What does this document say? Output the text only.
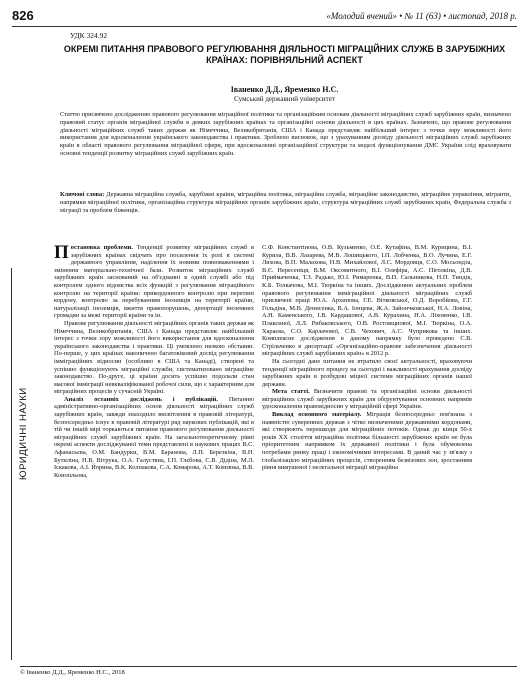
826	«Молодий вчений» • № 11 (63) • листопад, 2018 р.
УДК 324.92
ОКРЕМІ ПИТАННЯ ПРАВОВОГО РЕГУЛЮВАННЯ ДІЯЛЬНОСТІ МІГРАЦІЙНИХ СЛУЖБ В ЗАРУБІЖНИХ КРАЇНАХ: ПОРІВНЯЛЬНИЙ АСПЕКТ
Іваненко Д.Д., Яременко Н.С.
Сумський державний університет
Статтю присвячено дослідженню правового регулювання міграційної політики та організаційним основам діяльності міграційних служб зарубіжних країн, визначено правовий статус органів міграційної служби в деяких зарубіжних країнах та організаційні основи діяльності в цих країнах. Зазначено, що правове регулювання діяльності міграційних служб таких держав як Німеччина, Великобританія, США і Канада представляє найбільший інтерес з точки зору можливості його використання для вдосконалення українського законодавства і практики. Зроблено висновок, що з урахуванням досвіду діяльності міграційних служб зарубіжних країн в області правового регулювання міграційної сфери, при вдосконаленні організаційної структури та моделі функціонування ДМС України слід враховувати основні тенденції розвитку міграційних служб зарубіжних країн.
Ключові слова: Державна міграційна служба, зарубіжні країни, міграційна політика, міграційна служба, міграційне законодавство, міграційне управління, мігранти, напрямки міграційної політики, організаційна структура міграційних органів зарубіжних країн, структура міграційних служб зарубіжних країн, Федеральна служба з міграції та проблем біженців.

Постановка проблеми. Тенденції розвитку міграційних служб в зарубіжних країнах свідчать про посилення їх ролі в системі державного управління, наділення їх новими повноваженнями і змінення матеріально-технічної бази. Розвиток міграційних служб зарубіжних країн заснований на об'єднанні в одній службі або під контролем одного відомства всіх функцій з регулювання міграційного контролю на території країни: прикордонного контролю при перетині кордону, контролю за перебуванням іноземців на території країни, натуралізації іноземців, вжиття правопорушень, депортації іноземних громадян за межі території країни та ін.

Правове регулювання діяльності міграційних органів таких держав як Німеччина, Великобританія, США і Канада представляє найбільший інтерес з точки зору можливості його використання для вдосконалення українського законодавства і практики. Ці умовлено низкою обставин. По-перше, у цих країнах накопичено багатовіковий досвід регулювання імміграційних відносин (особливо в США та Канаді), створені та успішно функціонують міграційні служби, систематизовано міграційне законодавство. По-друге, ці країни досить успішно подолали стан масової імміграції невкваліфікованої робочої сили, що є характерним для міграційних процесів у сучасній Україні.

Аналіз останніх досліджень і публікацій. Питанню адміністративно-організаційних основ діяльності міграційних служб зарубіжних країн, завжди знаходило висвітлення в правовій літературі, безпосередньо існує в правовій літературі ряд наукових публікацій, які в тій чи іншій мірі торкаються питання правового регулювання діяльності міграційних служб зарубіжних країн. На загальнотеоретичному рівні окремі аспекти досліджуваної теми представлені в наукових працях В.С. Афанасьєва, О.М. Бандурки, В.М. Баранова, Л.П. Березкіна, В.Н. Бутиліна, Н.В. Вітрука, О.А. Галустяна, І.П. Глєбова, С.В. Дідіна, М.Л. Іскакова, А.І. Йорина, В.К. Колпакова, С.А. Комарова, А.Т. Комзюка, В.В. Конопльова,

С.Ф. Константінова, О.В. Кузьменко, О.Е. Кутафіна, В.М. Курицина, В.І. Курила, В.В. Лазарева, М.В. Лошицького, І.П. Лобченка, В.О. Лучина, Е.Г. Ляхова, В.П. Малахова, Н.В. Михайлової, Л.С. Мордовця, С.О. Мосьондза, В.Є. Нересеніця, В.М. Оксомнтного, В.І. Олефіра, А.С. Піголкіна, Д.В. Приймаченка, Т.З. Радько, Ю.І. Римаренка, В.П. Сальникова, Н.П. Тиндік, К.Б. Толкачова, М.І. Тюркіна та інших. Дослідженню актуальних проблем правового регулювання імміграційної діяльності міграційних служб присвячені праці Ю.А. Архипова, Г.Е. Вітковської, О.Д. Воробйова, Г.Г. Гольдіна, М.В. Денисенка, В.А. Іонцева, Ж.А. Зайончковської, Н.А. Ловіна, А.Н. Каменського, І.В. Кардашової, А.В. Курахина, Н.А. Ліховенко, І.В. Плаксиної, Л.Л. Рибаковського, О.В. Ростовщиової, М.І. Тюркіна, О.А. Хараєва, С.О. Карлачової, С.В. Чехович, А.С. Чуприкова та інших. Комплексне дослідження в даному напрямку було проведено С.В. Стрільченко в дисертації «Організаційно-правове забезпечення діяльності міграційних служб зарубіжних країн» в 2012 р.

На сьогодні дане питання не втратило своєї актуальності, враховуючи тенденції міграційного процесу на сьогодні і важливості врахування досвіду зарубіжних країн в розбудові міцної системи міграційних органів нашої держави.

Мета статті. Визначити правові та організаційні основи діяльності міграційних служб зарубіжних країн для обґрунтування основних напрямів удосконалення правовідносин у міграційній сфері України.

Виклад основного матеріалу. Міграція безпосередньо пов'язана з наявністю суверенних держав з чітко визначеними державними кордонами, які створюють перешкоди для міграційних потоків. Однак до кінця 50-х років ХХ століття міграційна політика більшості зарубіжних країн не була пріоритетним напрямком їх державної політики і була обумовлена потребами ринку праці і економічними інтересами. В даний час у зв'язку з глобалізацією міграційних процесів, створенням безвізових зон, зростанням рівня вимушеної і нелегальної міграції міграційна

ЮРИДИЧНІ НАУКИ
© Іваненко Д.Д., Яременко Н.С., 2018
